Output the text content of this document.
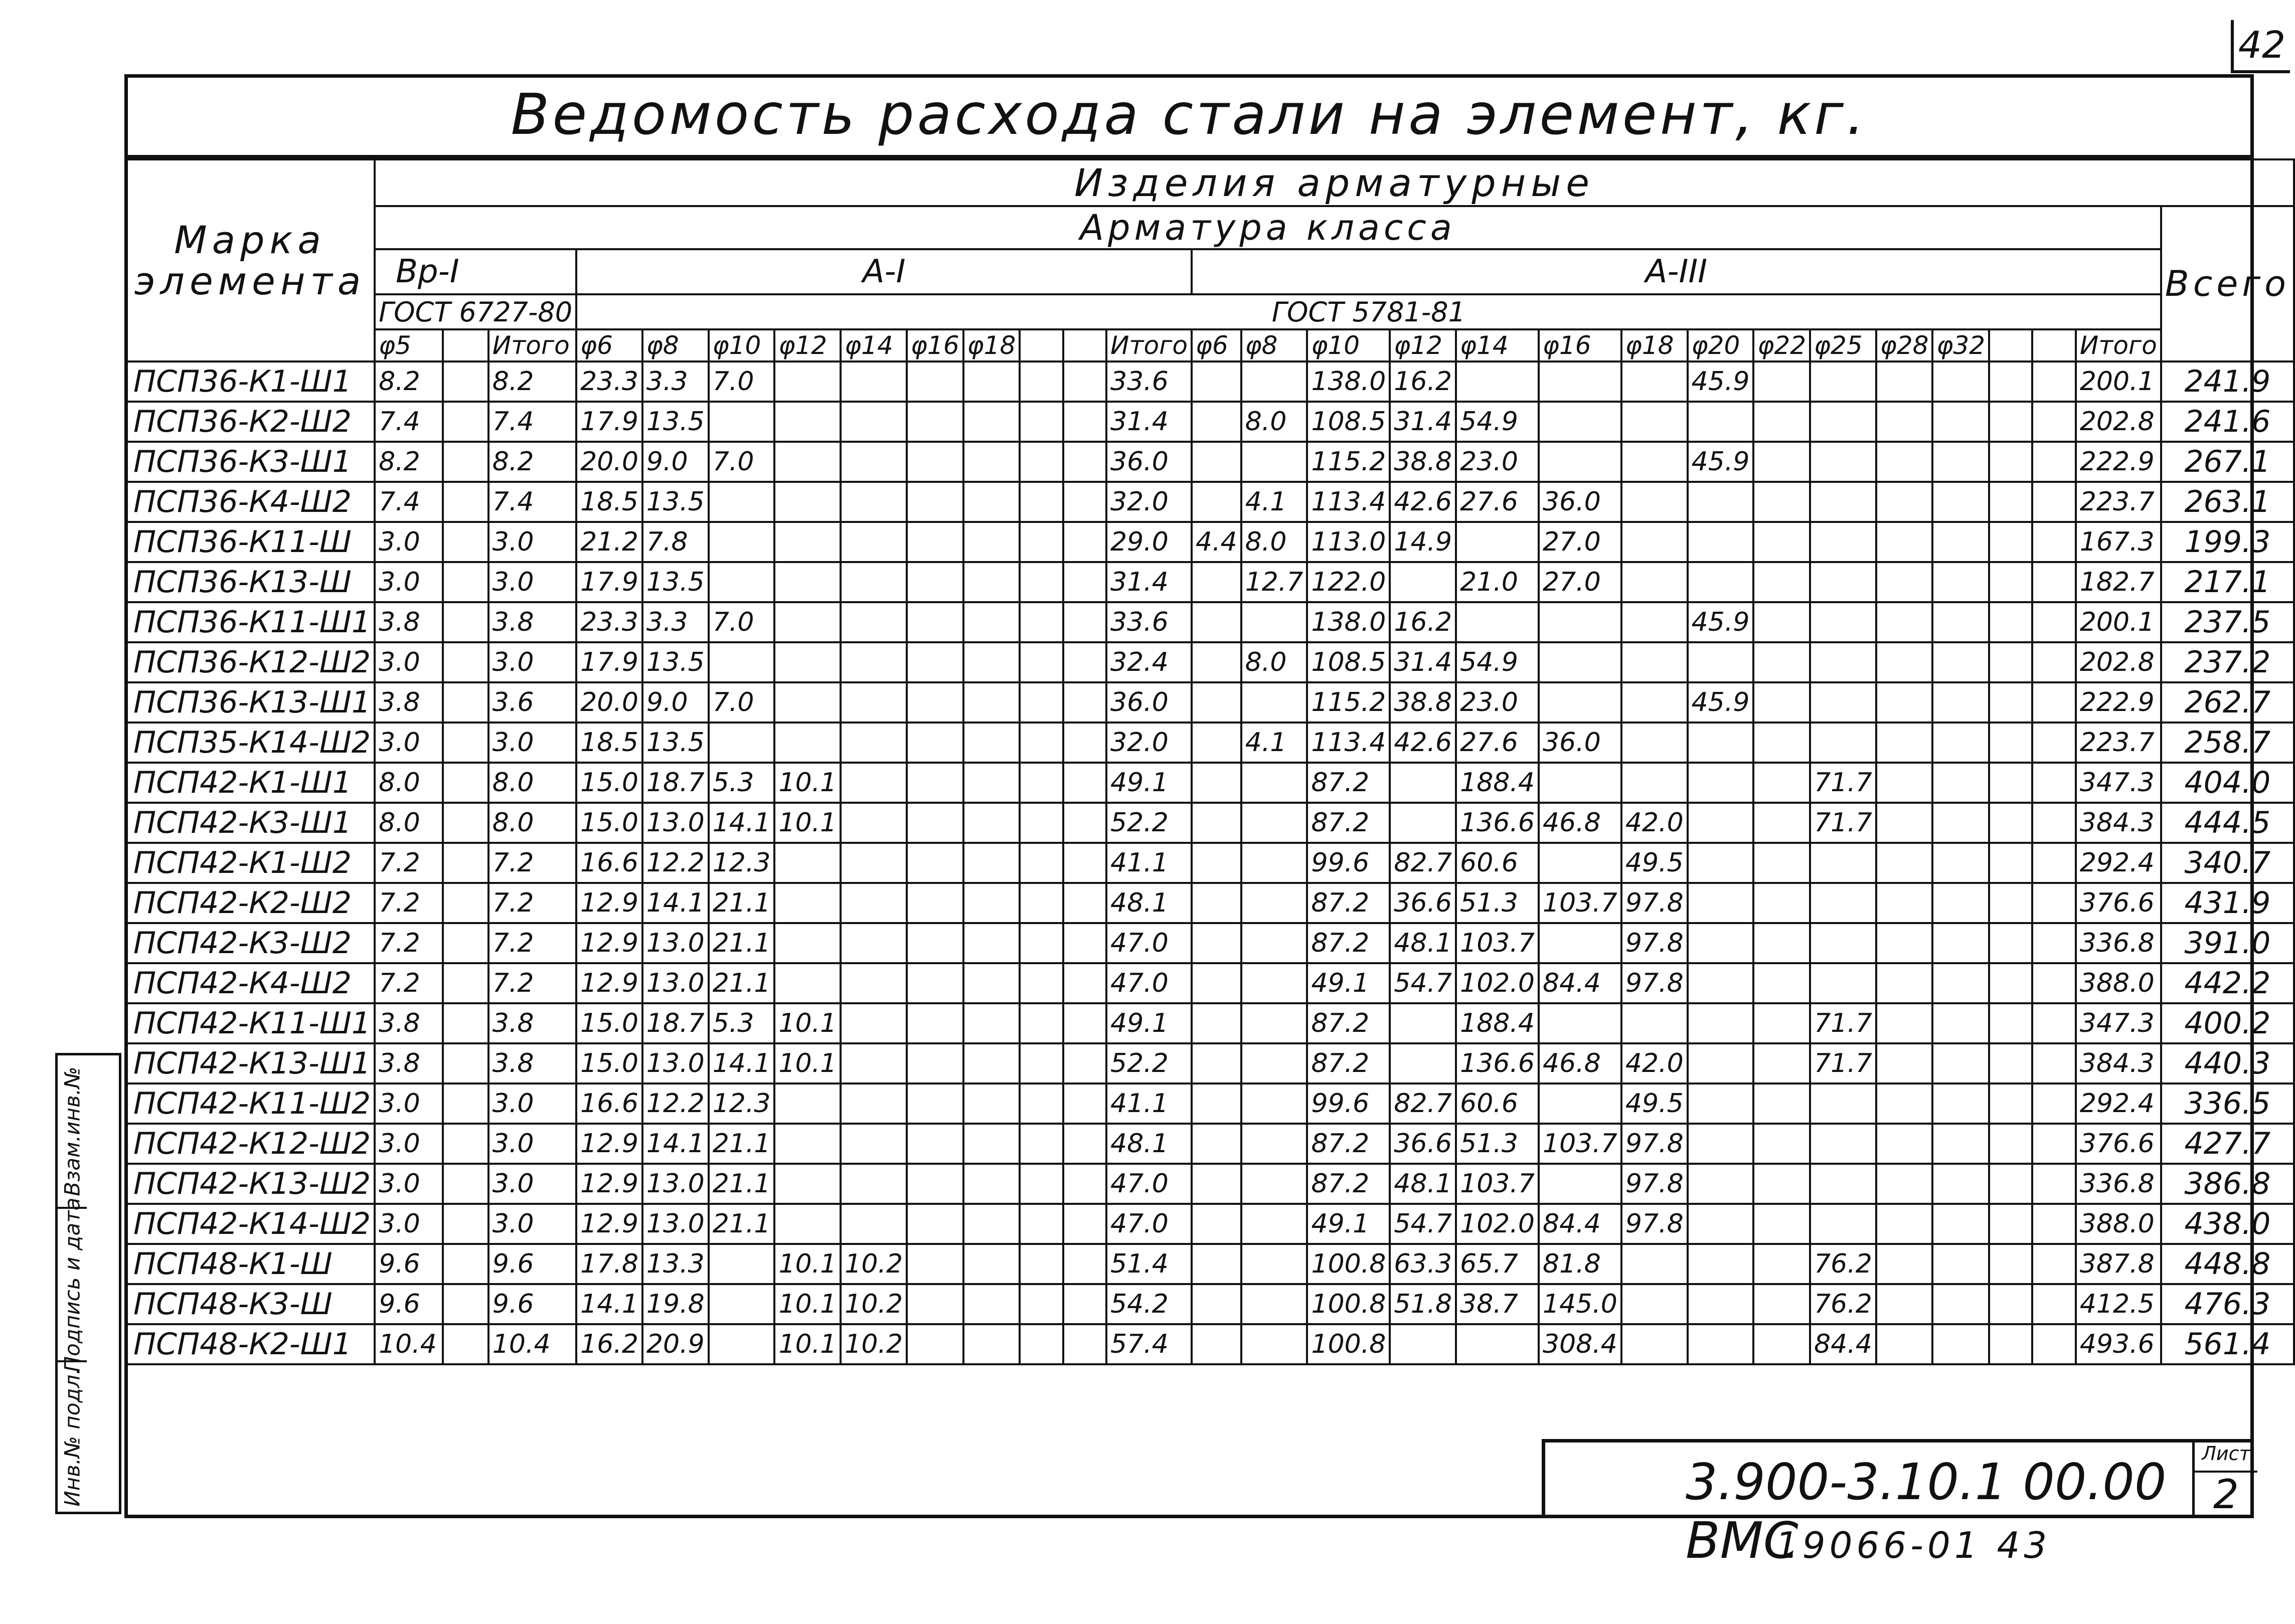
42
Ведомость расхода стали на элемент, кг.
Марка элемента	Изделия арматурные																												
	Арматура класса																												Всего
	Вр-I			A-I										A-III															
	ГОСТ 6727-80			ГОСТ 5781-81																									
	φ5		Итого	φ6	φ8	φ10	φ12	φ14	φ16	φ18			Итого	φ6	φ8	φ10	φ12	φ14	φ16	φ18	φ20	φ22	φ25	φ28	φ32			Итого	
ПСП36-К1-Ш1	8.2		8.2	23.3	3.3	7.0							33.6			138.0	16.2				45.9							200.1	241.9
ПСП36-К2-Ш2	7.4		7.4	17.9	13.5								31.4		8.0	108.5	31.4	54.9										202.8	241.6
ПСП36-К3-Ш1	8.2		8.2	20.0	9.0	7.0							36.0			115.2	38.8	23.0			45.9							222.9	267.1
ПСП36-К4-Ш2	7.4		7.4	18.5	13.5								32.0		4.1	113.4	42.6	27.6	36.0									223.7	263.1
ПСП36-К11-Ш	3.0		3.0	21.2	7.8								29.0	4.4	8.0	113.0	14.9		27.0									167.3	199.3
ПСП36-К13-Ш	3.0		3.0	17.9	13.5								31.4		12.7	122.0		21.0	27.0									182.7	217.1
ПСП36-К11-Ш1	3.8		3.8	23.3	3.3	7.0							33.6			138.0	16.2				45.9							200.1	237.5
ПСП36-К12-Ш2	3.0		3.0	17.9	13.5								32.4		8.0	108.5	31.4	54.9										202.8	237.2
ПСП36-К13-Ш1	3.8		3.6	20.0	9.0	7.0							36.0			115.2	38.8	23.0			45.9							222.9	262.7
ПСП35-К14-Ш2	3.0		3.0	18.5	13.5								32.0		4.1	113.4	42.6	27.6	36.0									223.7	258.7
ПСП42-К1-Ш1	8.0		8.0	15.0	18.7	5.3	10.1						49.1			87.2		188.4					71.7					347.3	404.0
ПСП42-К3-Ш1	8.0		8.0	15.0	13.0	14.1	10.1						52.2			87.2		136.6	46.8	42.0			71.7					384.3	444.5
ПСП42-К1-Ш2	7.2		7.2	16.6	12.2	12.3							41.1			99.6	82.7	60.6		49.5								292.4	340.7
ПСП42-К2-Ш2	7.2		7.2	12.9	14.1	21.1							48.1			87.2	36.6	51.3	103.7	97.8								376.6	431.9
ПСП42-К3-Ш2	7.2		7.2	12.9	13.0	21.1							47.0			87.2	48.1	103.7		97.8								336.8	391.0
ПСП42-К4-Ш2	7.2		7.2	12.9	13.0	21.1							47.0			49.1	54.7	102.0	84.4	97.8								388.0	442.2
ПСП42-К11-Ш1	3.8		3.8	15.0	18.7	5.3	10.1						49.1			87.2		188.4					71.7					347.3	400.2
ПСП42-К13-Ш1	3.8		3.8	15.0	13.0	14.1	10.1						52.2			87.2		136.6	46.8	42.0			71.7					384.3	440.3
ПСП42-К11-Ш2	3.0		3.0	16.6	12.2	12.3							41.1			99.6	82.7	60.6		49.5								292.4	336.5
ПСП42-К12-Ш2	3.0		3.0	12.9	14.1	21.1							48.1			87.2	36.6	51.3	103.7	97.8								376.6	427.7
ПСП42-К13-Ш2	3.0		3.0	12.9	13.0	21.1							47.0			87.2	48.1	103.7		97.8								336.8	386.8
ПСП42-К14-Ш2	3.0		3.0	12.9	13.0	21.1							47.0			49.1	54.7	102.0	84.4	97.8								388.0	438.0
ПСП48-К1-Ш	9.6		9.6	17.8	13.3		10.1	10.2					51.4			100.8	63.3	65.7	81.8				76.2					387.8	448.8
ПСП48-К3-Ш	9.6		9.6	14.1	19.8		10.1	10.2					54.2			100.8	51.8	38.7	145.0				76.2					412.5	476.3
ПСП48-К2-Ш1	10.4		10.4	16.2	20.9		10.1	10.2					57.4			100.8			308.4				84.4					493.6	561.4
Взам.инв.№
Подпись и дата
Инв.№ подл.	3.900-3.10.1 00.00 ВМС
Лист
2
19066-01 43
